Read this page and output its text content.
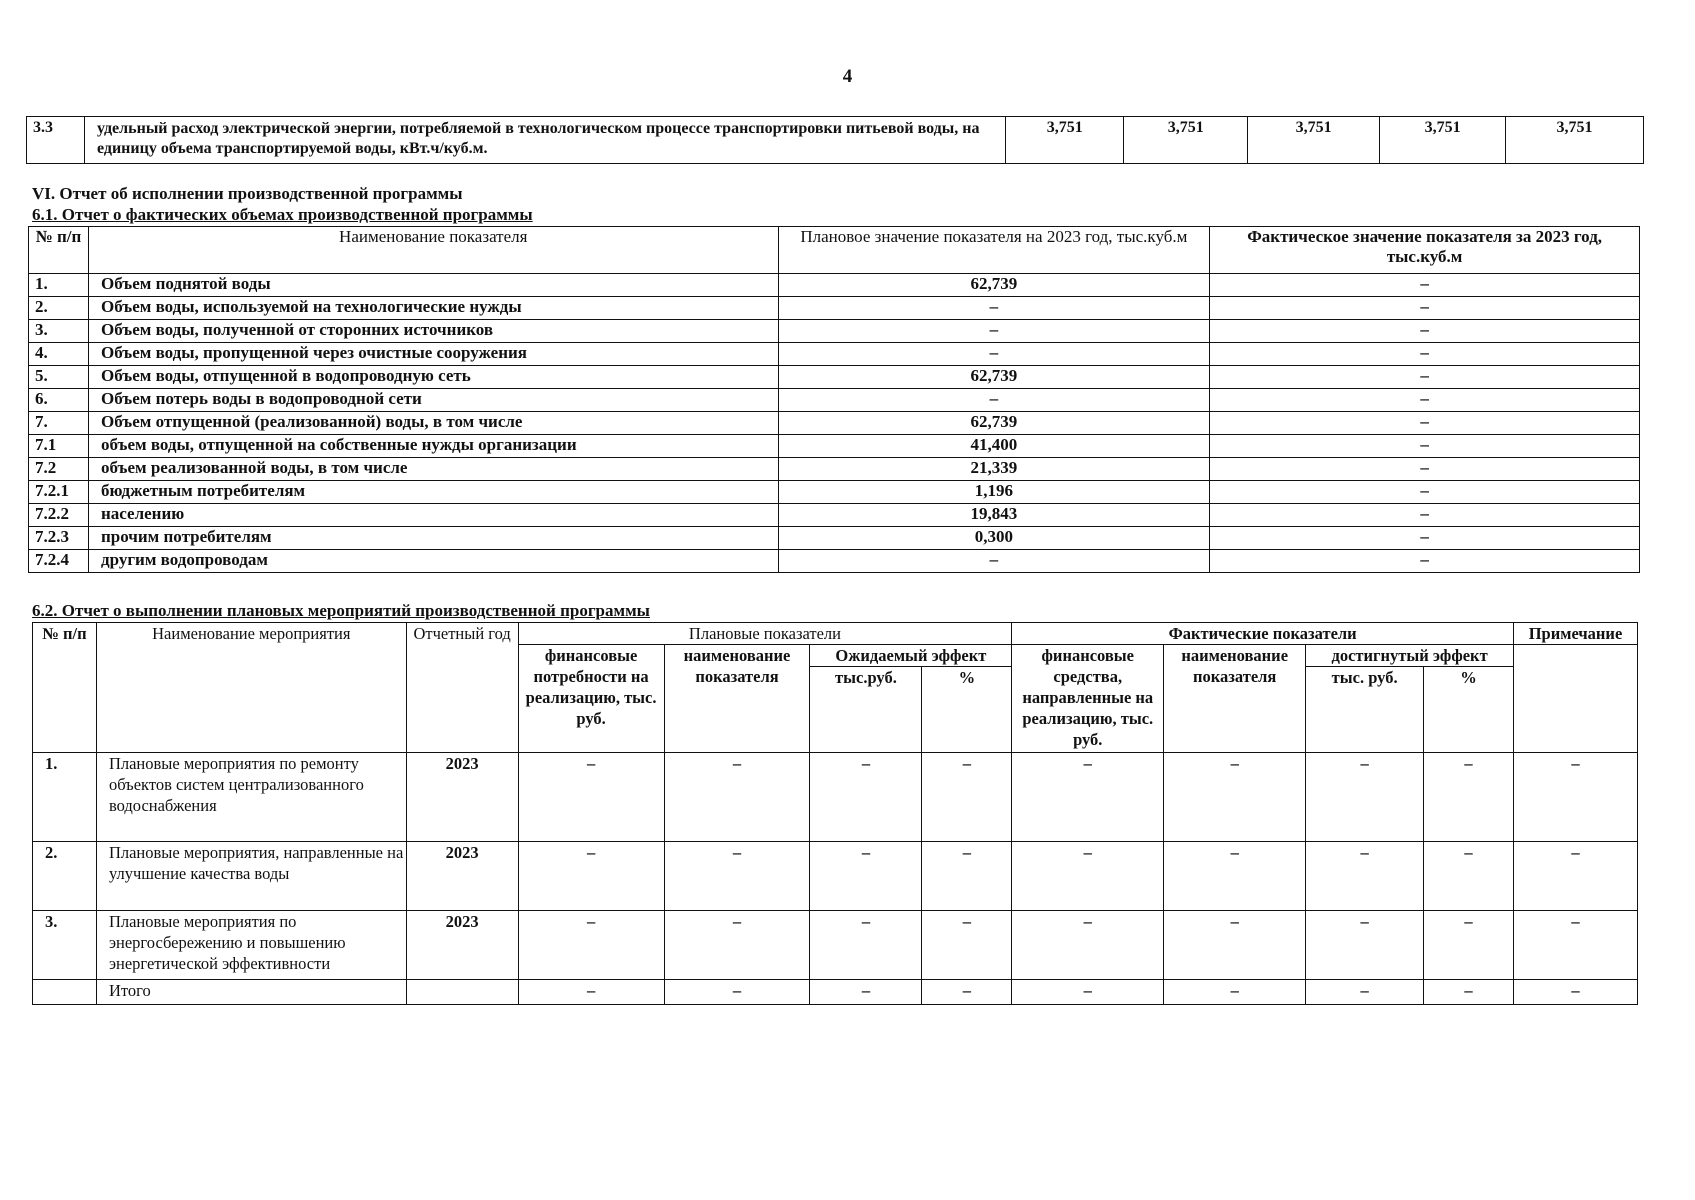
4
3.3	удельный расход электрической энергии, потребляемой в технологическом процессе транспортировки питьевой воды, на единицу объема транспортируемой воды, кВт.ч/куб.м.	3,751	3,751	3,751	3,751	3,751
VI. Отчет об исполнении производственной программы
6.1. Отчет о фактических объемах производственной программы
№ п/п	Наименование показателя	Плановое значение показателя на 2023 год, тыс.куб.м	Фактическое значение показателя за 2023 год, тыс.куб.м
1.	Объем поднятой воды	62,739	–
2.	Объем воды, используемой на технологические нужды	–	–
3.	Объем воды, полученной от сторонних источников	–	–
4.	Объем воды, пропущенной через очистные сооружения	–	–
5.	Объем воды, отпущенной в водопроводную сеть	62,739	–
6.	Объем потерь воды в водопроводной сети	–	–
7.	Объем отпущенной (реализованной) воды, в том числе	62,739	–
7.1	объем воды, отпущенной на собственные нужды организации	41,400	–
7.2	объем реализованной воды, в том числе	21,339	–
7.2.1	бюджетным потребителям	1,196	–
7.2.2	населению	19,843	–
7.2.3	прочим потребителям	0,300	–
7.2.4	другим водопроводам	–	–
6.2. Отчет о выполнении плановых мероприятий производственной программы
№ п/п	Наименование мероприятия	Отчетный год	Плановые показатели				Фактические показатели				Примечание
			финансовые потребности на реализацию, тыс. руб.	наименование показателя	Ожидаемый эффект		финансовые средства, направленные на реализацию, тыс. руб.	наименование показателя	достигнутый эффект		
					тыс.руб.	%			тыс. руб.	%	
1.	Плановые мероприятия по ремонту объектов систем централизованного водоснабжения	2023	–	–	–	–	–	–	–	–	–
2.	Плановые мероприятия, направленные на улучшение качества воды	2023	–	–	–	–	–	–	–	–	–
3.	Плановые мероприятия по энергосбережению и повышению энергетической эффективности	2023	–	–	–	–	–	–	–	–	–
	Итого		–	–	–	–	–	–	–	–	–
